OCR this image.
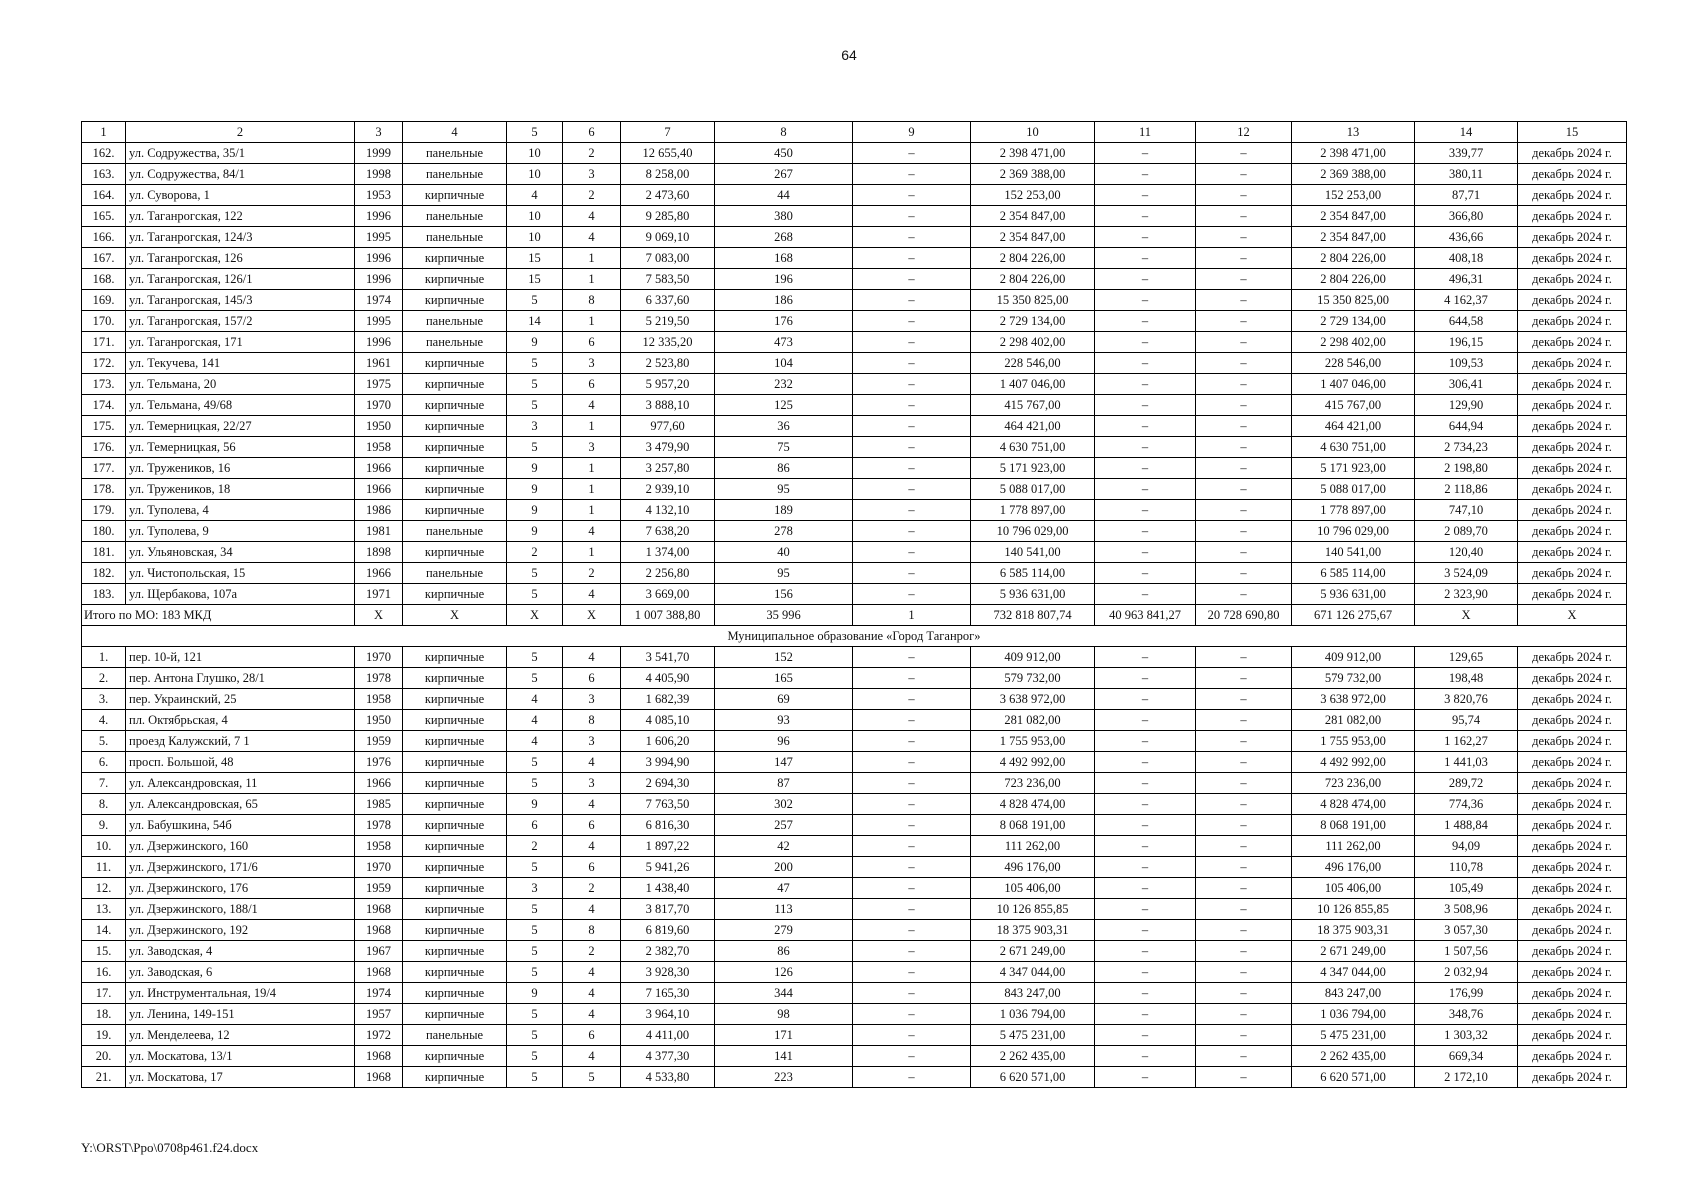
64
1	2	3	4	5	6	7	8	9	10	11	12	13	14	15
162.	ул. Содружества, 35/1	1999	панельные	10	2	12 655,40	450	–	2 398 471,00	–	–	2 398 471,00	339,77	декабрь 2024 г.
163.	ул. Содружества, 84/1	1998	панельные	10	3	8 258,00	267	–	2 369 388,00	–	–	2 369 388,00	380,11	декабрь 2024 г.
164.	ул. Суворова, 1	1953	кирпичные	4	2	2 473,60	44	–	152 253,00	–	–	152 253,00	87,71	декабрь 2024 г.
165.	ул. Таганрогская, 122	1996	панельные	10	4	9 285,80	380	–	2 354 847,00	–	–	2 354 847,00	366,80	декабрь 2024 г.
166.	ул. Таганрогская, 124/3	1995	панельные	10	4	9 069,10	268	–	2 354 847,00	–	–	2 354 847,00	436,66	декабрь 2024 г.
167.	ул. Таганрогская, 126	1996	кирпичные	15	1	7 083,00	168	–	2 804 226,00	–	–	2 804 226,00	408,18	декабрь 2024 г.
168.	ул. Таганрогская, 126/1	1996	кирпичные	15	1	7 583,50	196	–	2 804 226,00	–	–	2 804 226,00	496,31	декабрь 2024 г.
169.	ул. Таганрогская, 145/3	1974	кирпичные	5	8	6 337,60	186	–	15 350 825,00	–	–	15 350 825,00	4 162,37	декабрь 2024 г.
170.	ул. Таганрогская, 157/2	1995	панельные	14	1	5 219,50	176	–	2 729 134,00	–	–	2 729 134,00	644,58	декабрь 2024 г.
171.	ул. Таганрогская, 171	1996	панельные	9	6	12 335,20	473	–	2 298 402,00	–	–	2 298 402,00	196,15	декабрь 2024 г.
172.	ул. Текучева, 141	1961	кирпичные	5	3	2 523,80	104	–	228 546,00	–	–	228 546,00	109,53	декабрь 2024 г.
173.	ул. Тельмана, 20	1975	кирпичные	5	6	5 957,20	232	–	1 407 046,00	–	–	1 407 046,00	306,41	декабрь 2024 г.
174.	ул. Тельмана, 49/68	1970	кирпичные	5	4	3 888,10	125	–	415 767,00	–	–	415 767,00	129,90	декабрь 2024 г.
175.	ул. Темерницкая, 22/27	1950	кирпичные	3	1	977,60	36	–	464 421,00	–	–	464 421,00	644,94	декабрь 2024 г.
176.	ул. Темерницкая, 56	1958	кирпичные	5	3	3 479,90	75	–	4 630 751,00	–	–	4 630 751,00	2 734,23	декабрь 2024 г.
177.	ул. Тружеников, 16	1966	кирпичные	9	1	3 257,80	86	–	5 171 923,00	–	–	5 171 923,00	2 198,80	декабрь 2024 г.
178.	ул. Тружеников, 18	1966	кирпичные	9	1	2 939,10	95	–	5 088 017,00	–	–	5 088 017,00	2 118,86	декабрь 2024 г.
179.	ул. Туполева, 4	1986	кирпичные	9	1	4 132,10	189	–	1 778 897,00	–	–	1 778 897,00	747,10	декабрь 2024 г.
180.	ул. Туполева, 9	1981	панельные	9	4	7 638,20	278	–	10 796 029,00	–	–	10 796 029,00	2 089,70	декабрь 2024 г.
181.	ул. Ульяновская, 34	1898	кирпичные	2	1	1 374,00	40	–	140 541,00	–	–	140 541,00	120,40	декабрь 2024 г.
182.	ул. Чистопольская, 15	1966	панельные	5	2	2 256,80	95	–	6 585 114,00	–	–	6 585 114,00	3 524,09	декабрь 2024 г.
183.	ул. Щербакова, 107а	1971	кирпичные	5	4	3 669,00	156	–	5 936 631,00	–	–	5 936 631,00	2 323,90	декабрь 2024 г.
Итого по МО: 183 МКД		X	X	X	X	1 007 388,80	35 996	1	732 818 807,74	40 963 841,27	20 728 690,80	671 126 275,67	X	X
Муниципальное образование «Город Таганрог»														
1.	пер. 10-й, 121	1970	кирпичные	5	4	3 541,70	152	–	409 912,00	–	–	409 912,00	129,65	декабрь 2024 г.
2.	пер. Антона Глушко, 28/1	1978	кирпичные	5	6	4 405,90	165	–	579 732,00	–	–	579 732,00	198,48	декабрь 2024 г.
3.	пер. Украинский, 25	1958	кирпичные	4	3	1 682,39	69	–	3 638 972,00	–	–	3 638 972,00	3 820,76	декабрь 2024 г.
4.	пл. Октябрьская, 4	1950	кирпичные	4	8	4 085,10	93	–	281 082,00	–	–	281 082,00	95,74	декабрь 2024 г.
5.	проезд Калужский, 7 1	1959	кирпичные	4	3	1 606,20	96	–	1 755 953,00	–	–	1 755 953,00	1 162,27	декабрь 2024 г.
6.	просп. Большой, 48	1976	кирпичные	5	4	3 994,90	147	–	4 492 992,00	–	–	4 492 992,00	1 441,03	декабрь 2024 г.
7.	ул. Александровская, 11	1966	кирпичные	5	3	2 694,30	87	–	723 236,00	–	–	723 236,00	289,72	декабрь 2024 г.
8.	ул. Александровская, 65	1985	кирпичные	9	4	7 763,50	302	–	4 828 474,00	–	–	4 828 474,00	774,36	декабрь 2024 г.
9.	ул. Бабушкина, 54б	1978	кирпичные	6	6	6 816,30	257	–	8 068 191,00	–	–	8 068 191,00	1 488,84	декабрь 2024 г.
10.	ул. Дзержинского, 160	1958	кирпичные	2	4	1 897,22	42	–	111 262,00	–	–	111 262,00	94,09	декабрь 2024 г.
11.	ул. Дзержинского, 171/6	1970	кирпичные	5	6	5 941,26	200	–	496 176,00	–	–	496 176,00	110,78	декабрь 2024 г.
12.	ул. Дзержинского, 176	1959	кирпичные	3	2	1 438,40	47	–	105 406,00	–	–	105 406,00	105,49	декабрь 2024 г.
13.	ул. Дзержинского, 188/1	1968	кирпичные	5	4	3 817,70	113	–	10 126 855,85	–	–	10 126 855,85	3 508,96	декабрь 2024 г.
14.	ул. Дзержинского, 192	1968	кирпичные	5	8	6 819,60	279	–	18 375 903,31	–	–	18 375 903,31	3 057,30	декабрь 2024 г.
15.	ул. Заводская, 4	1967	кирпичные	5	2	2 382,70	86	–	2 671 249,00	–	–	2 671 249,00	1 507,56	декабрь 2024 г.
16.	ул. Заводская, 6	1968	кирпичные	5	4	3 928,30	126	–	4 347 044,00	–	–	4 347 044,00	2 032,94	декабрь 2024 г.
17.	ул. Инструментальная, 19/4	1974	кирпичные	9	4	7 165,30	344	–	843 247,00	–	–	843 247,00	176,99	декабрь 2024 г.
18.	ул. Ленина, 149-151	1957	кирпичные	5	4	3 964,10	98	–	1 036 794,00	–	–	1 036 794,00	348,76	декабрь 2024 г.
19.	ул. Менделеева, 12	1972	панельные	5	6	4 411,00	171	–	5 475 231,00	–	–	5 475 231,00	1 303,32	декабрь 2024 г.
20.	ул. Москатова, 13/1	1968	кирпичные	5	4	4 377,30	141	–	2 262 435,00	–	–	2 262 435,00	669,34	декабрь 2024 г.
21.	ул. Москатова, 17	1968	кирпичные	5	5	4 533,80	223	–	6 620 571,00	–	–	6 620 571,00	2 172,10	декабрь 2024 г.
Y:\ORST\Ppo\0708p461.f24.docx
